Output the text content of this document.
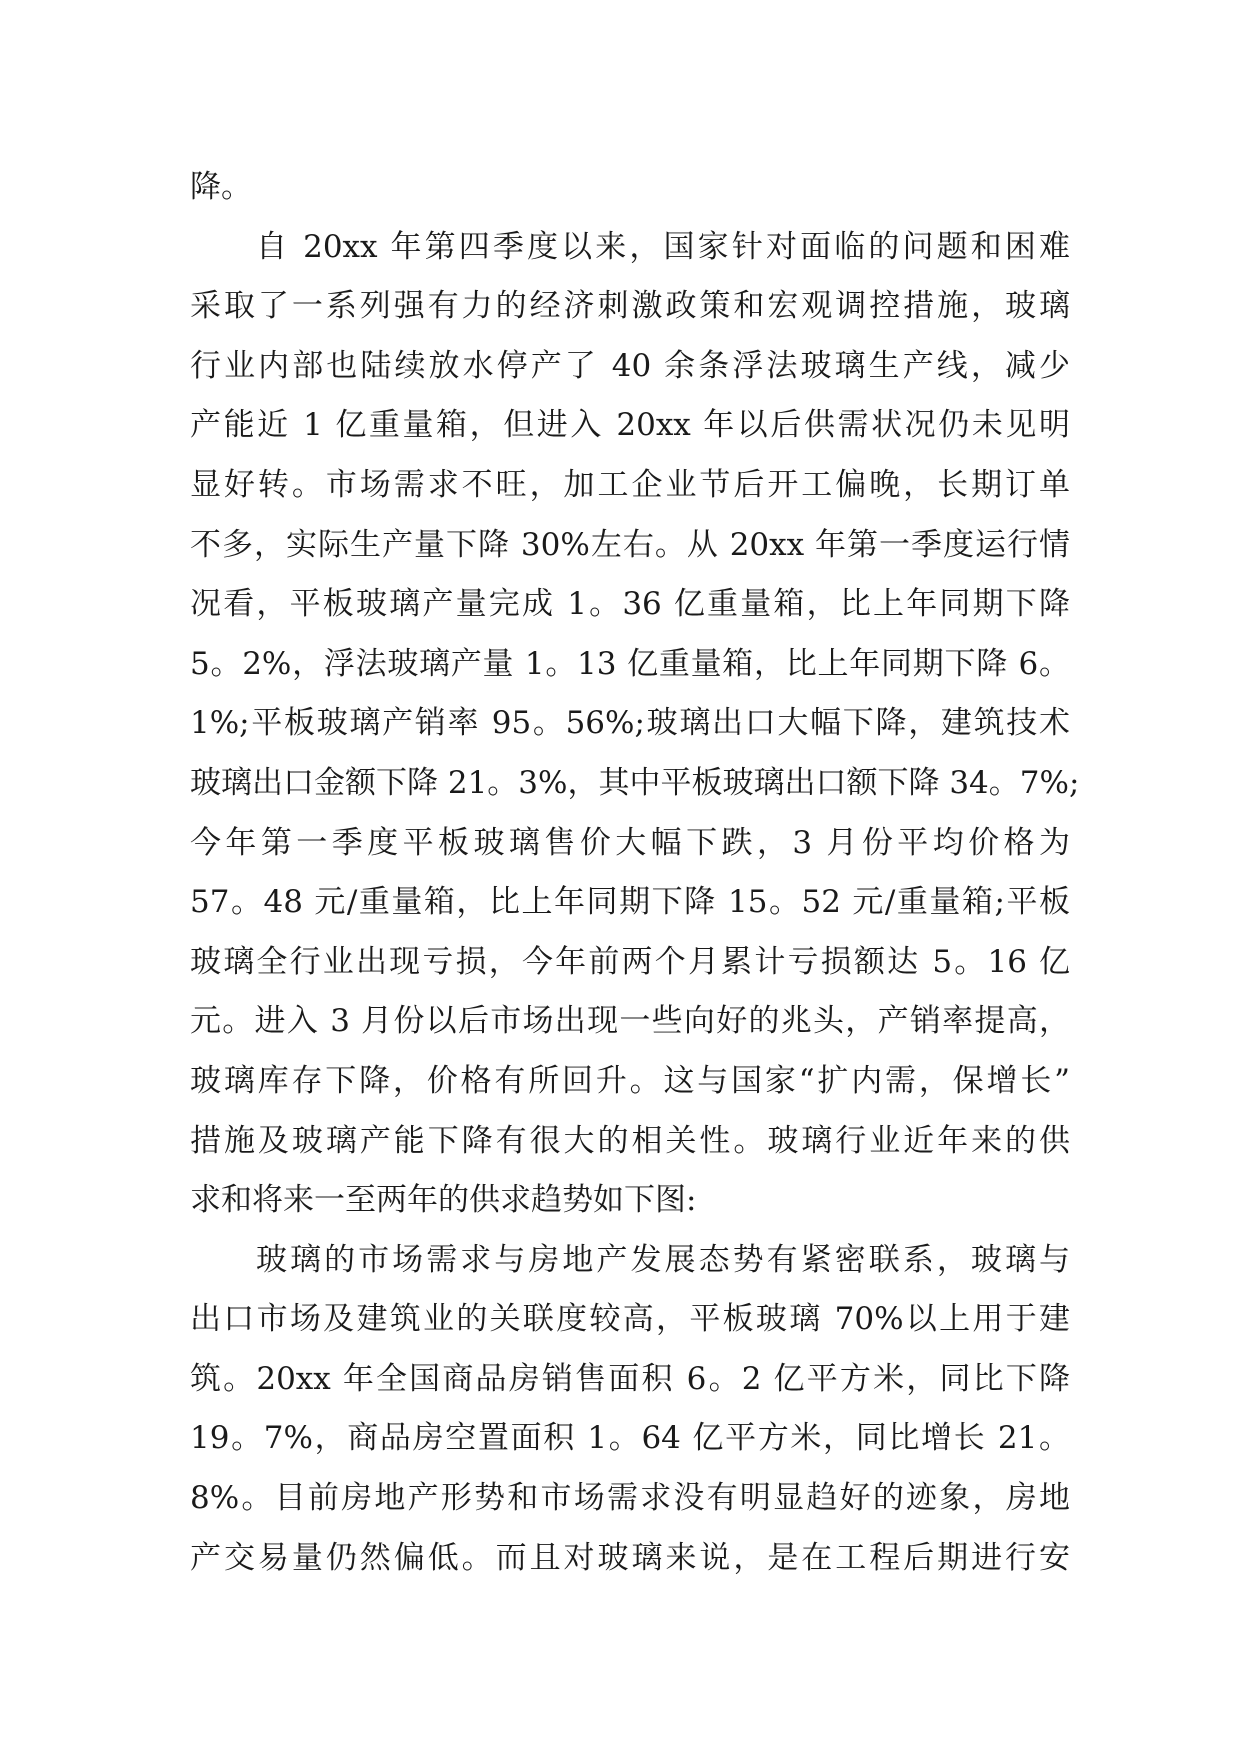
降。
自 20xx 年第四季度以来，国家针对面临的问题和困难
采取了一系列强有力的经济刺激政策和宏观调控措施，玻璃
行业内部也陆续放水停产了 40 余条浮法玻璃生产线，减少
产能近 1 亿重量箱，但进入 20xx 年以后供需状况仍未见明
显好转。市场需求不旺，加工企业节后开工偏晚，长期订单
不多，实际生产量下降 30%左右。从 20xx 年第一季度运行情
况看，平板玻璃产量完成 1。36 亿重量箱，比上年同期下降
5。2%，浮法玻璃产量 1。13 亿重量箱，比上年同期下降 6。
1%;平板玻璃产销率 95。56%;玻璃出口大幅下降，建筑技术
玻璃出口金额下降 21。3%，其中平板玻璃出口额下降 34。7%;
今年第一季度平板玻璃售价大幅下跌，3 月份平均价格为
57。48 元/重量箱，比上年同期下降 15。52 元/重量箱;平板
玻璃全行业出现亏损，今年前两个月累计亏损额达 5。16 亿
元。进入 3 月份以后市场出现一些向好的兆头，产销率提高，
玻璃库存下降，价格有所回升。这与国家“扩内需，保增长”
措施及玻璃产能下降有很大的相关性。玻璃行业近年来的供
求和将来一至两年的供求趋势如下图:
玻璃的市场需求与房地产发展态势有紧密联系，玻璃与
出口市场及建筑业的关联度较高，平板玻璃 70%以上用于建
筑。20xx 年全国商品房销售面积 6。2 亿平方米，同比下降
19。7%，商品房空置面积 1。64 亿平方米，同比增长 21。
8%。目前房地产形势和市场需求没有明显趋好的迹象，房地
产交易量仍然偏低。而且对玻璃来说，是在工程后期进行安
